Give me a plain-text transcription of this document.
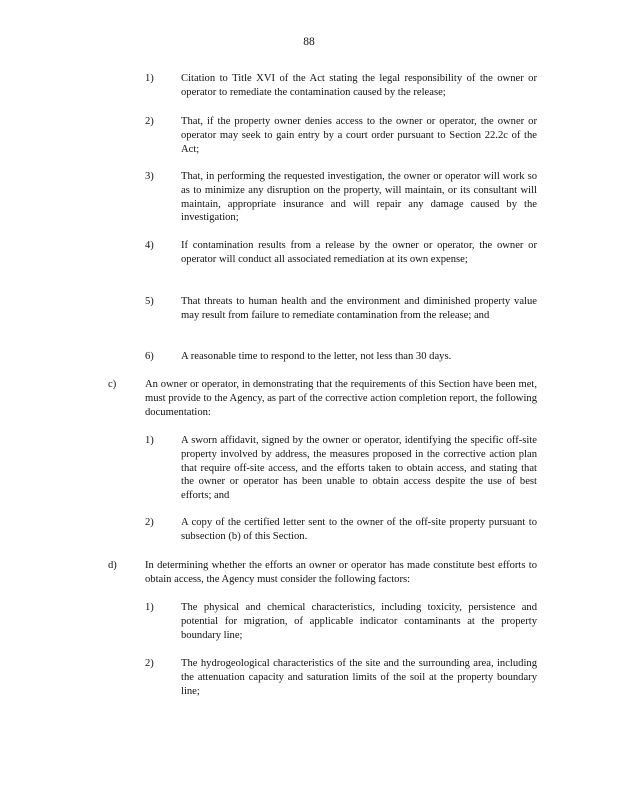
88
1)	Citation to Title XVI of the Act stating the legal responsibility of the owner or operator to remediate the contamination caused by the release;
2)	That, if the property owner denies access to the owner or operator, the owner or operator may seek to gain entry by a court order pursuant to Section 22.2c of the Act;
3)	That, in performing the requested investigation, the owner or operator will work so as to minimize any disruption on the property, will maintain, or its consultant will maintain, appropriate insurance and will repair any damage caused by the investigation;
4)	If contamination results from a release by the owner or operator, the owner or operator will conduct all associated remediation at its own expense;
5)	That threats to human health and the environment and diminished property value may result from failure to remediate contamination from the release; and
6)	A reasonable time to respond to the letter, not less than 30 days.
c)	An owner or operator, in demonstrating that the requirements of this Section have been met, must provide to the Agency, as part of the corrective action completion report, the following documentation:
1)	A sworn affidavit, signed by the owner or operator, identifying the specific off-site property involved by address, the measures proposed in the corrective action plan that require off-site access, and the efforts taken to obtain access, and stating that the owner or operator has been unable to obtain access despite the use of best efforts; and
2)	A copy of the certified letter sent to the owner of the off-site property pursuant to subsection (b) of this Section.
d)	In determining whether the efforts an owner or operator has made constitute best efforts to obtain access, the Agency must consider the following factors:
1)	The physical and chemical characteristics, including toxicity, persistence and potential for migration, of applicable indicator contaminants at the property boundary line;
2)	The hydrogeological characteristics of the site and the surrounding area, including the attenuation capacity and saturation limits of the soil at the property boundary line;
